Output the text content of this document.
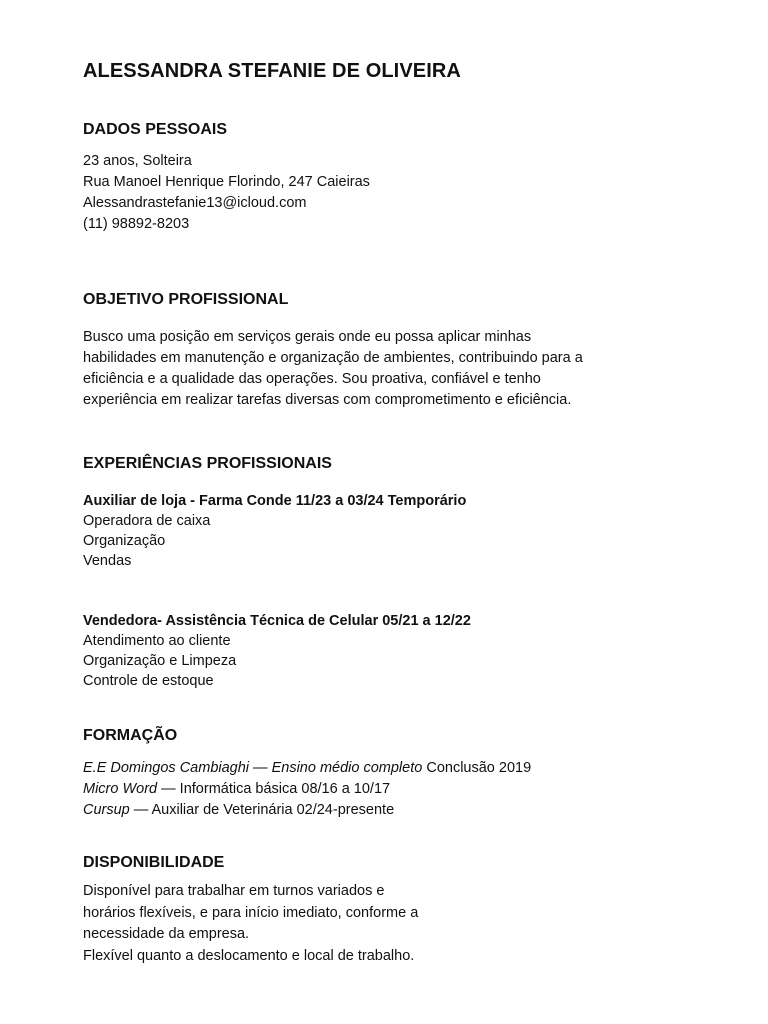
ALESSANDRA STEFANIE DE OLIVEIRA
DADOS PESSOAIS
23 anos, Solteira
Rua Manoel Henrique Florindo, 247 Caieiras
Alessandrastefanie13@icloud.com
(11) 98892-8203
OBJETIVO PROFISSIONAL
Busco uma posição em serviços gerais onde eu possa aplicar minhas
habilidades em manutenção e organização de ambientes, contribuindo para a
eficiência e a qualidade das operações. Sou proativa, confiável e tenho
experiência em realizar tarefas diversas com comprometimento e eficiência.
EXPERIÊNCIAS PROFISSIONAIS
Auxiliar de loja - Farma Conde 11/23 a 03/24 Temporário
Operadora de caixa
Organização
Vendas
Vendedora- Assistência Técnica de Celular 05/21 a 12/22
Atendimento ao cliente
Organização e Limpeza
Controle de estoque
FORMAÇÃO
E.E Domingos Cambiaghi — Ensino médio completo Conclusão 2019
Micro Word — Informática básica 08/16 a 10/17
Cursup — Auxiliar de Veterinária 02/24-presente
DISPONIBILIDADE
Disponível para trabalhar em turnos variados e
horários flexíveis, e para início imediato, conforme a
necessidade da empresa.
Flexível quanto a deslocamento e local de trabalho.
